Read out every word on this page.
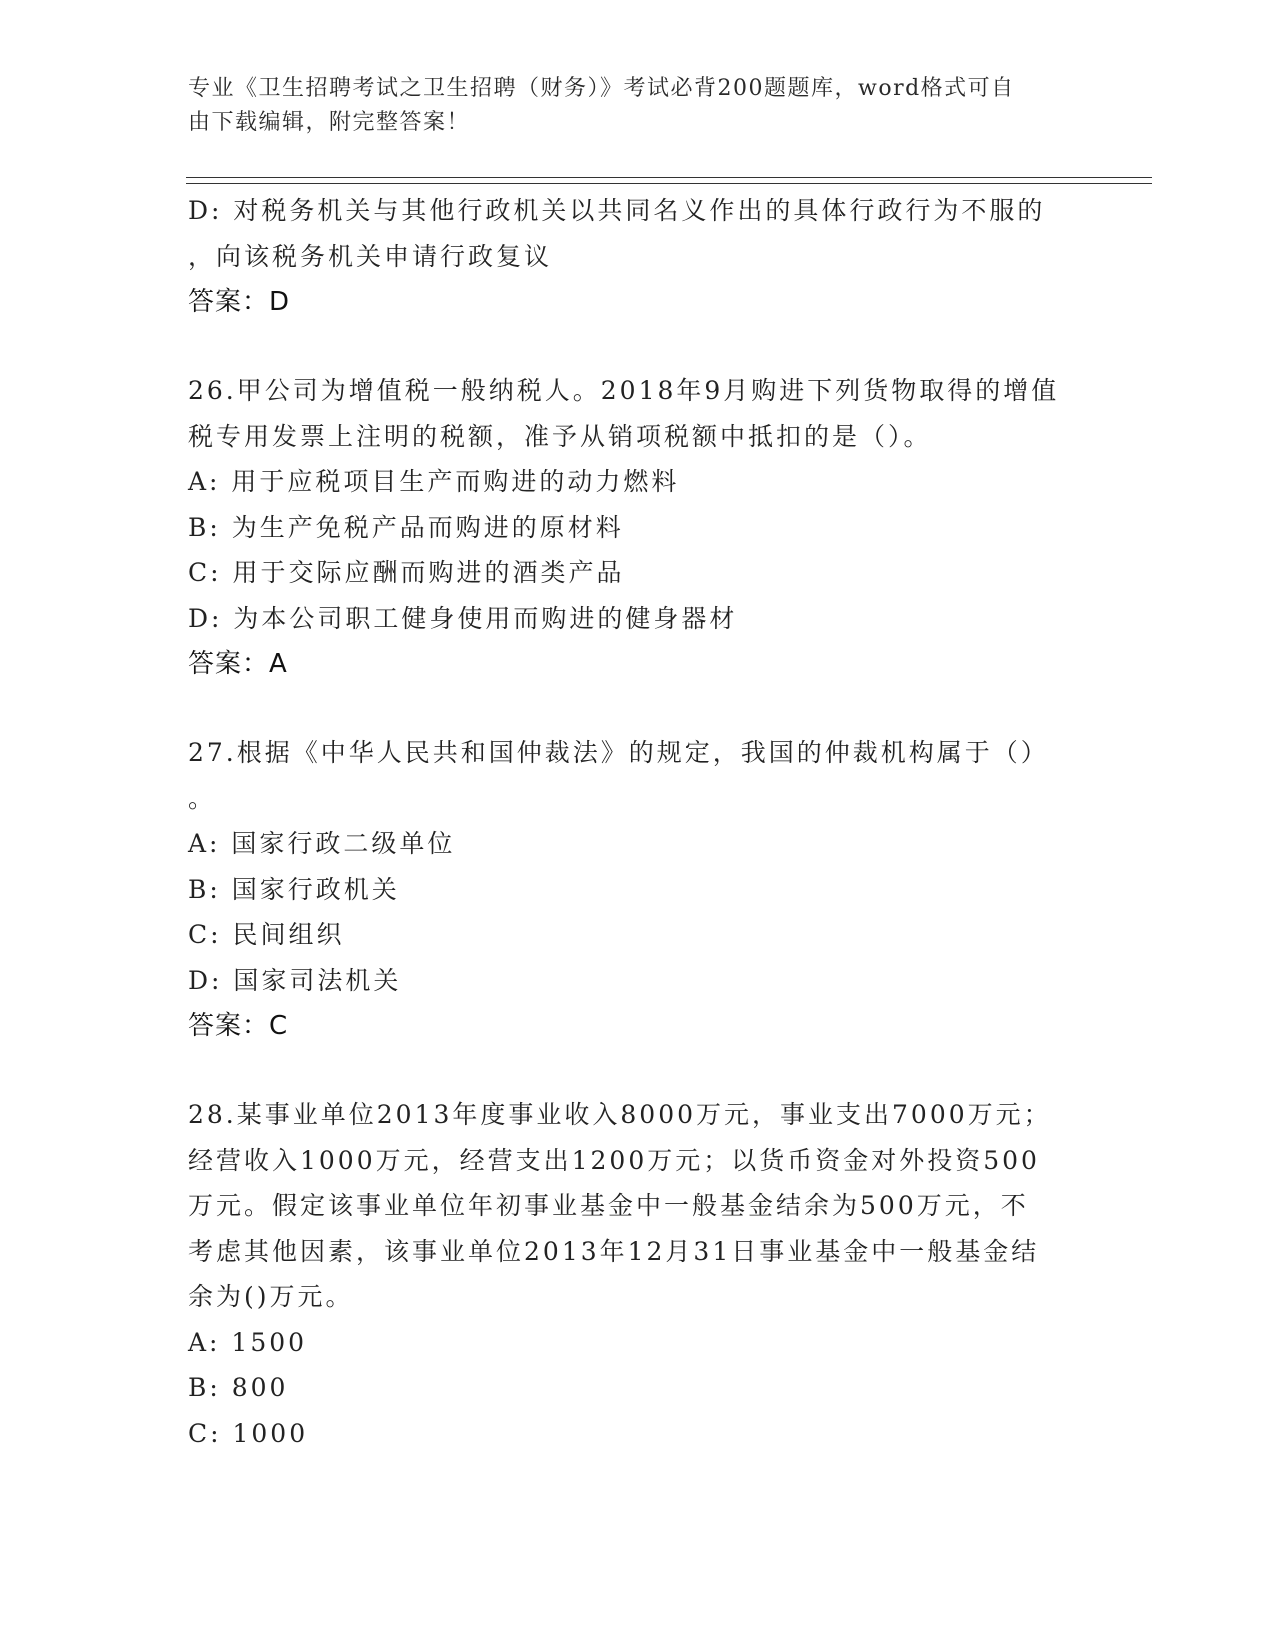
专业《卫生招聘考试之卫生招聘（财务）》考试必背200题题库，word格式可自
由下载编辑，附完整答案！
D: 对税务机关与其他行政机关以共同名义作出的具体行政行为不服的
，向该税务机关申请行政复议
答案：D
26.甲公司为增值税一般纳税人。2018年9月购进下列货物取得的增值
税专用发票上注明的税额，准予从销项税额中抵扣的是（）。
A: 用于应税项目生产而购进的动力燃料
B: 为生产免税产品而购进的原材料
C: 用于交际应酬而购进的酒类产品
D: 为本公司职工健身使用而购进的健身器材
答案：A
27.根据《中华人民共和国仲裁法》的规定，我国的仲裁机构属于（）
。
A: 国家行政二级单位
B: 国家行政机关
C: 民间组织
D: 国家司法机关
答案：C
28.某事业单位2013年度事业收入8000万元，事业支出7000万元；
经营收入1000万元，经营支出1200万元；以货币资金对外投资500
万元。假定该事业单位年初事业基金中一般基金结余为500万元，不
考虑其他因素，该事业单位2013年12月31日事业基金中一般基金结
余为()万元。
A: 1500
B: 800
C: 1000
